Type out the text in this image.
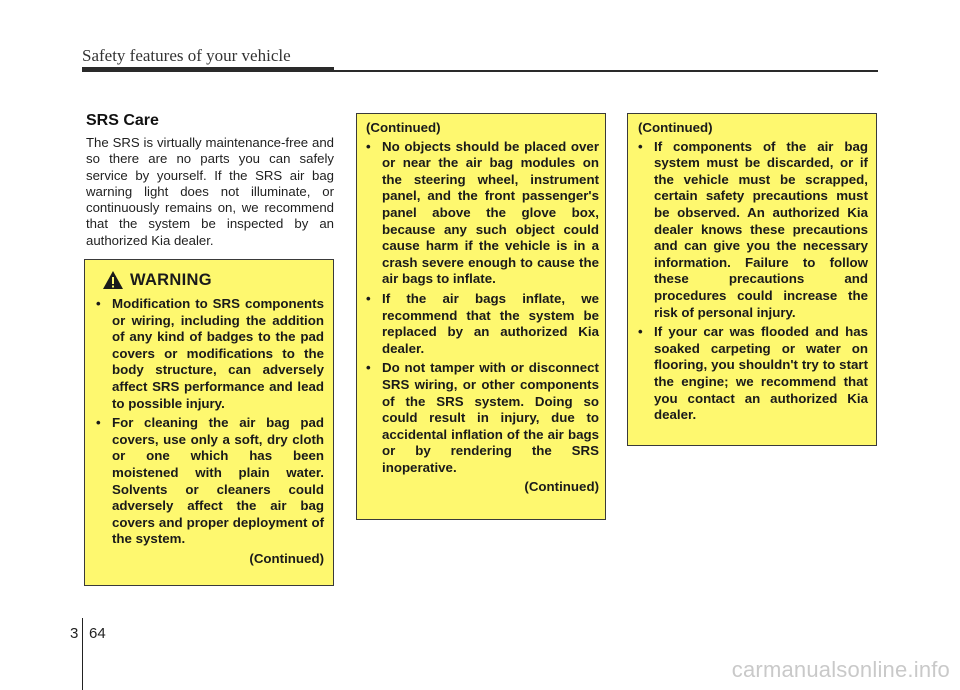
Safety features of your vehicle
SRS Care
The SRS is virtually maintenance-free and so there are no parts you can safely service by yourself. If the SRS air bag warning light does not illuminate, or continuously remains on, we recommend that the system be inspected by an authorized Kia dealer.
WARNING
• Modification to SRS components or wiring, including the addition of any kind of badges to the pad covers or modifications to the body structure, can adversely affect SRS performance and lead to possible injury.
• For cleaning the air bag pad covers, use only a soft, dry cloth or one which has been moistened with plain water. Solvents or cleaners could adversely affect the air bag covers and proper deployment of the system.
(Continued)
(Continued)
• No objects should be placed over or near the air bag modules on the steering wheel, instrument panel, and the front passenger's panel above the glove box, because any such object could cause harm if the vehicle is in a crash severe enough to cause the air bags to inflate.
• If the air bags inflate, we recommend that the system be replaced by an authorized Kia dealer.
• Do not tamper with or disconnect SRS wiring, or other components of the SRS system. Doing so could result in injury, due to accidental inflation of the air bags or by rendering the SRS inoperative.
(Continued)
(Continued)
• If components of the air bag system must be discarded, or if the vehicle must be scrapped, certain safety precautions must be observed. An authorized Kia dealer knows these precautions and can give you the necessary information. Failure to follow these precautions and procedures could increase the risk of personal injury.
• If your car was flooded and has soaked carpeting or water on flooring, you shouldn't try to start the engine; we recommend that you contact an authorized Kia dealer.
3 64
carmanualsonline.info
